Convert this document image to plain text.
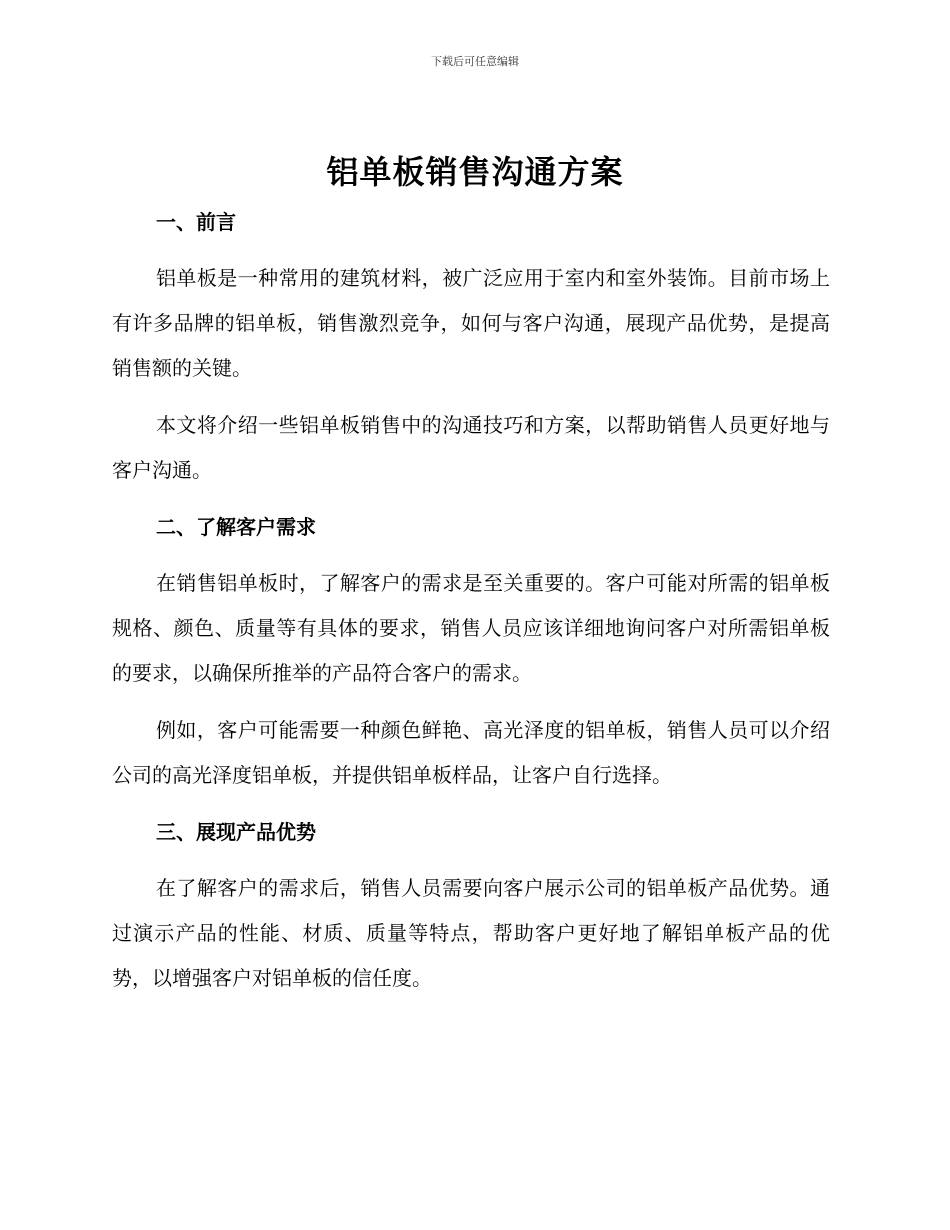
下载后可任意编辑
铝单板销售沟通方案
一、前言

铝单板是一种常用的建筑材料，被广泛应用于室内和室外装饰。目前市场上有许多品牌的铝单板，销售激烈竞争，如何与客户沟通，展现产品优势，是提高销售额的关键。

本文将介绍一些铝单板销售中的沟通技巧和方案，以帮助销售人员更好地与客户沟通。

二、了解客户需求

在销售铝单板时，了解客户的需求是至关重要的。客户可能对所需的铝单板规格、颜色、质量等有具体的要求，销售人员应该详细地询问客户对所需铝单板的要求，以确保所推举的产品符合客户的需求。

例如，客户可能需要一种颜色鲜艳、高光泽度的铝单板，销售人员可以介绍公司的高光泽度铝单板，并提供铝单板样品，让客户自行选择。

三、展现产品优势

在了解客户的需求后，销售人员需要向客户展示公司的铝单板产品优势。通过演示产品的性能、材质、质量等特点，帮助客户更好地了解铝单板产品的优势，以增强客户对铝单板的信任度。
